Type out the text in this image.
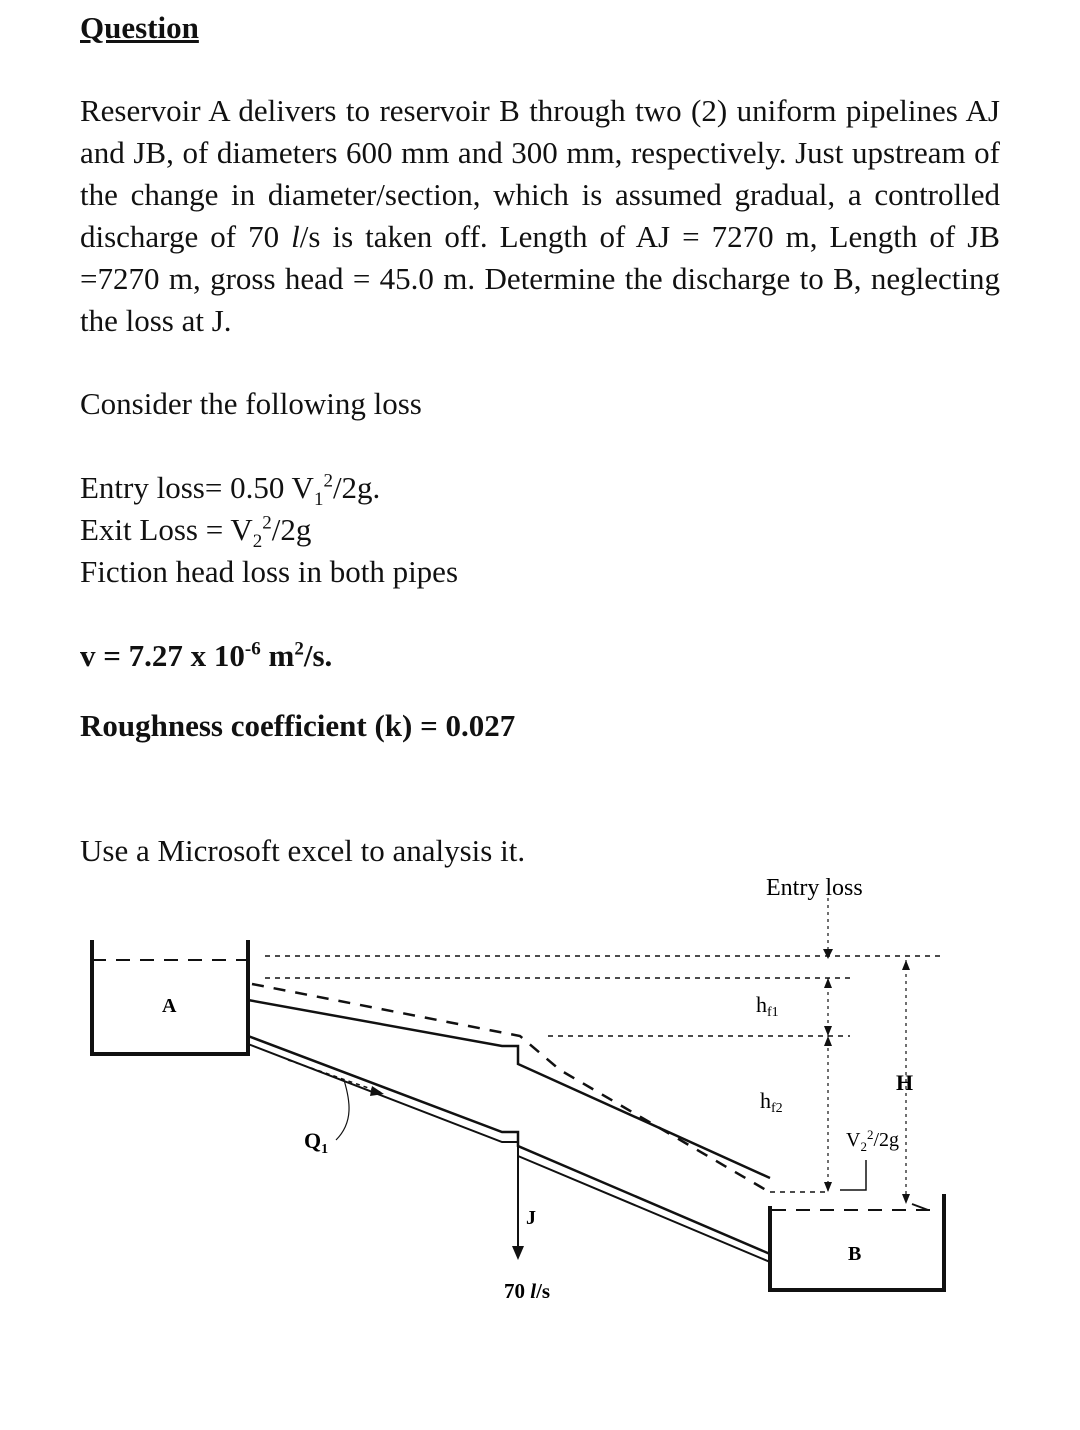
Question
Reservoir A delivers to reservoir B through two (2) uniform pipelines AJ and JB, of diameters 600 mm and 300 mm, respectively. Just upstream of the change in diameter/section, which is assumed gradual, a controlled discharge of 70 l/s is taken off. Length of AJ = 7270 m, Length of JB =7270 m, gross head = 45.0 m. Determine the discharge to B, neglecting the loss at J.
Consider the following loss
Entry loss= 0.50 $V_1^2/2g$.
Exit Loss = $V_2^2/2g$
Fiction head loss in both pipes
v = 7.27 x $10^{-6}$ $m^2/s$.
Roughness coefficient (k) = 0.027
Use a Microsoft excel to analysis it.
A
B
Entry loss
hf1
hf2
H
$V_2^2/2g$
$Q_1$
J
70 l/s
